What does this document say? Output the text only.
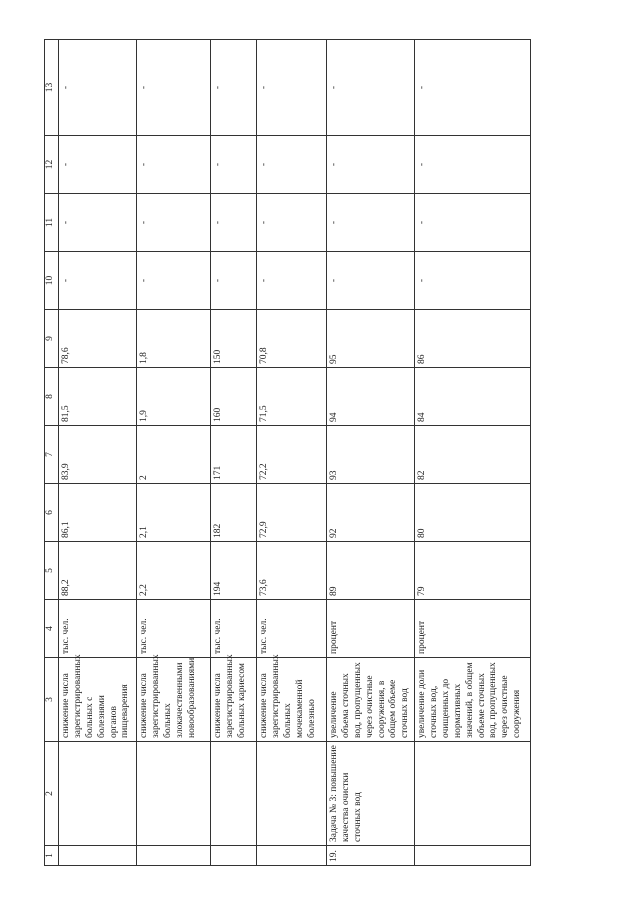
1	2	3	4	5	6	7	8	9	10	11	12	13
		снижение числа зарегистрированных больных с болезнями органов пищеварения	тыс. чел.	88,2	86,1	83,9	81,5	78,6	-	-	-	-
		снижение числа зарегистрированных больных злокачественными новообразованиями	тыс. чел.	2,2	2,1	2	1,9	1,8	-	-	-	-
		снижение числа зарегистрированных больных кариесом	тыс. чел.	194	182	171	160	150	-	-	-	-
		снижение числа зарегистрированных больных мочекаменной болезнью	тыс. чел.	73,6	72,9	72,2	71,5	70,8	-	-	-	-
19.	Задача № 3: повышение качества очистки сточных вод	увеличение объема сточных вод, пропущенных через очистные сооружения, в общем объеме сточных вод	процент	89	92	93	94	95	-	-	-	-
		увеличение доли сточных вод, очищенных до нормативных значений, в общем объеме сточных вод, пропущенных через очистные сооружения	процент	79	80	82	84	86	-	-	-	-
